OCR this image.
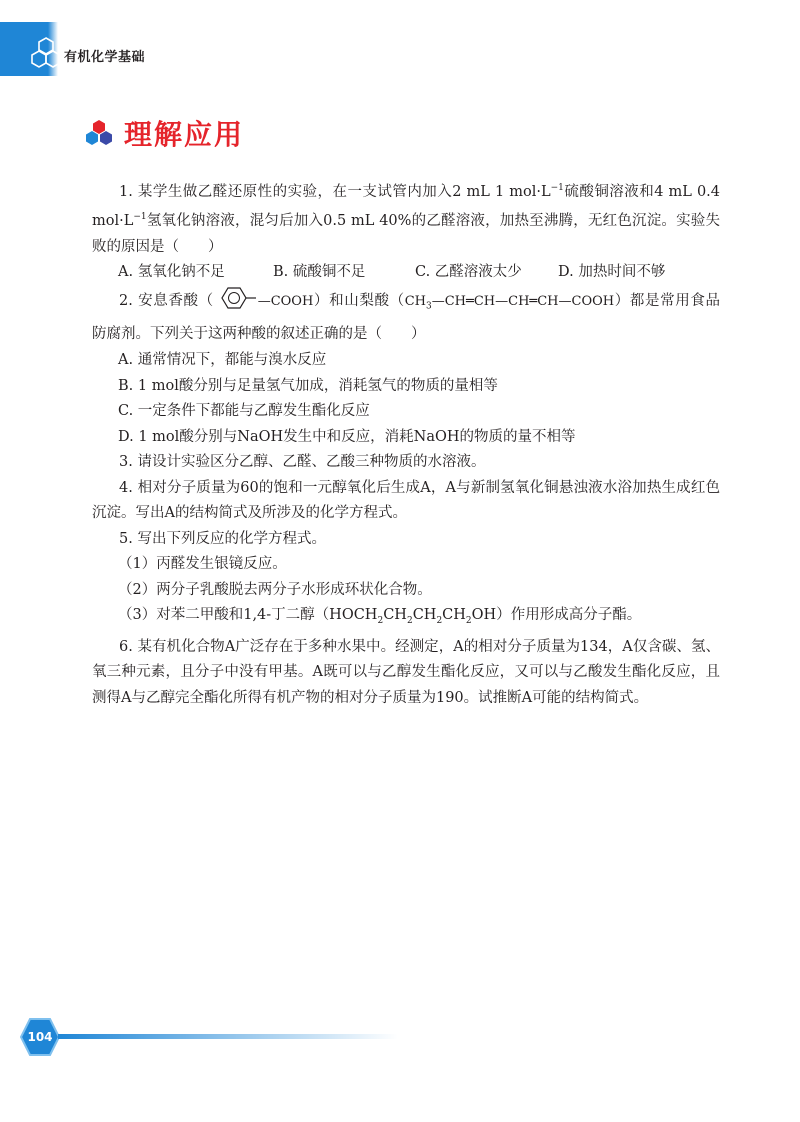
有机化学基础
理解应用

1. 某学生做乙醛还原性的实验，在一支试管内加入2 mL 1 $mol\cdot L^{-1}$硫酸铜溶液和4 mL 0.4 $mol\cdot L^{-1}$氢氧化钠溶液，混匀后加入0.5 mL 40%的乙醛溶液，加热至沸腾，无红色沉淀。实验失败的原因是（　　）

A. 氢氧化钠不足	B. 硫酸铜不足	C. 乙醛溶液太少	D. 加热时间不够

2. 安息香酸（	—COOH）和山梨酸$(CH_3—CH═CH—CH═CH—COOH)$都是常用食品防腐剂。下列关于这两种酸的叙述正确的是（　　）

A. 通常情况下，都能与溴水反应

B. 1 mol酸分别与足量氢气加成，消耗氢气的物质的量相等

C. 一定条件下都能与乙醇发生酯化反应

D. 1 mol酸分别与NaOH发生中和反应，消耗NaOH的物质的量不相等

3. 请设计实验区分乙醇、乙醛、乙酸三种物质的水溶液。

4. 相对分子质量为60的饱和一元醇氧化后生成A，A与新制氢氧化铜悬浊液水浴加热生成红色沉淀。写出A的结构简式及所涉及的化学方程式。

5. 写出下列反应的化学方程式。

（1）丙醛发生银镜反应。

（2）两分子乳酸脱去两分子水形成环状化合物。

（3）对苯二甲酸和1,4-丁二醇$(HOCH_2CH_2CH_2CH_2OH)$作用形成高分子酯。

6. 某有机化合物A广泛存在于多种水果中。经测定，A的相对分子质量为134，A仅含碳、氢、氧三种元素，且分子中没有甲基。A既可以与乙醇发生酯化反应，又可以与乙酸发生酯化反应，且测得A与乙醇完全酯化所得有机产物的相对分子质量为190。试推断A可能的结构简式。

104
